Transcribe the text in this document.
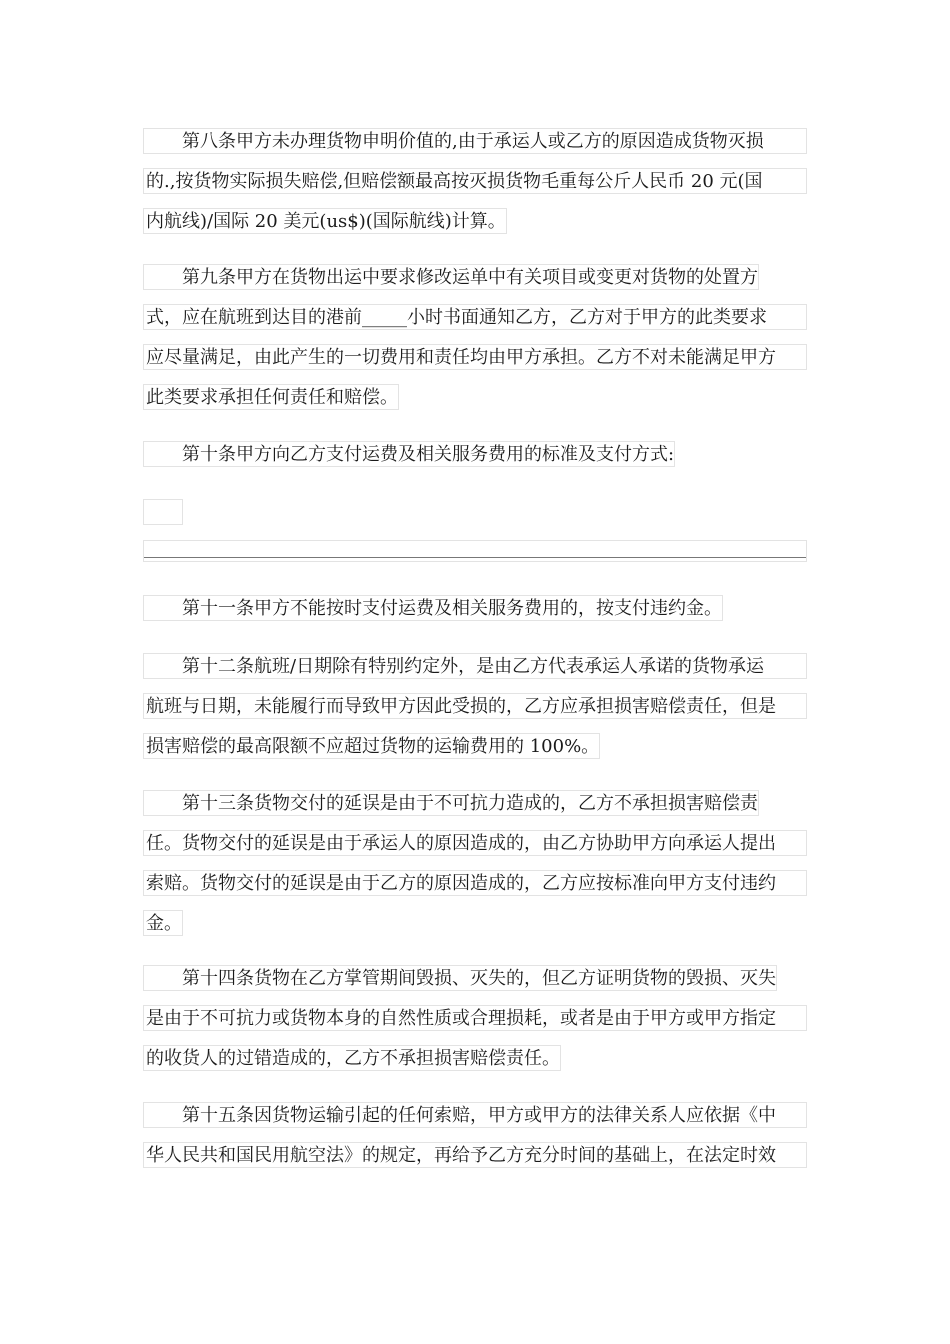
第八条甲方未办理货物申明价值的,由于承运人或乙方的原因造成货物灭损
的.,按货物实际损失赔偿,但赔偿额最高按灭损货物毛重每公斤人民币 20 元(国
内航线)/国际 20 美元(us$)(国际航线)计算。
第九条甲方在货物出运中要求修改运单中有关项目或变更对货物的处置方
式，应在航班到达目的港前_____小时书面通知乙方，乙方对于甲方的此类要求
应尽量满足，由此产生的一切费用和责任均由甲方承担。乙方不对未能满足甲方
此类要求承担任何责任和赔偿。
第十条甲方向乙方支付运费及相关服务费用的标准及支付方式:
第十一条甲方不能按时支付运费及相关服务费用的，按支付违约金。
第十二条航班/日期除有特别约定外，是由乙方代表承运人承诺的货物承运
航班与日期，未能履行而导致甲方因此受损的，乙方应承担损害赔偿责任，但是
损害赔偿的最高限额不应超过货物的运输费用的 100%。
第十三条货物交付的延误是由于不可抗力造成的，乙方不承担损害赔偿责
任。货物交付的延误是由于承运人的原因造成的，由乙方协助甲方向承运人提出
索赔。货物交付的延误是由于乙方的原因造成的，乙方应按标准向甲方支付违约
金。
第十四条货物在乙方掌管期间毁损、灭失的，但乙方证明货物的毁损、灭失
是由于不可抗力或货物本身的自然性质或合理损耗，或者是由于甲方或甲方指定
的收货人的过错造成的，乙方不承担损害赔偿责任。
第十五条因货物运输引起的任何索赔，甲方或甲方的法律关系人应依据《中
华人民共和国民用航空法》的规定，再给予乙方充分时间的基础上，在法定时效
